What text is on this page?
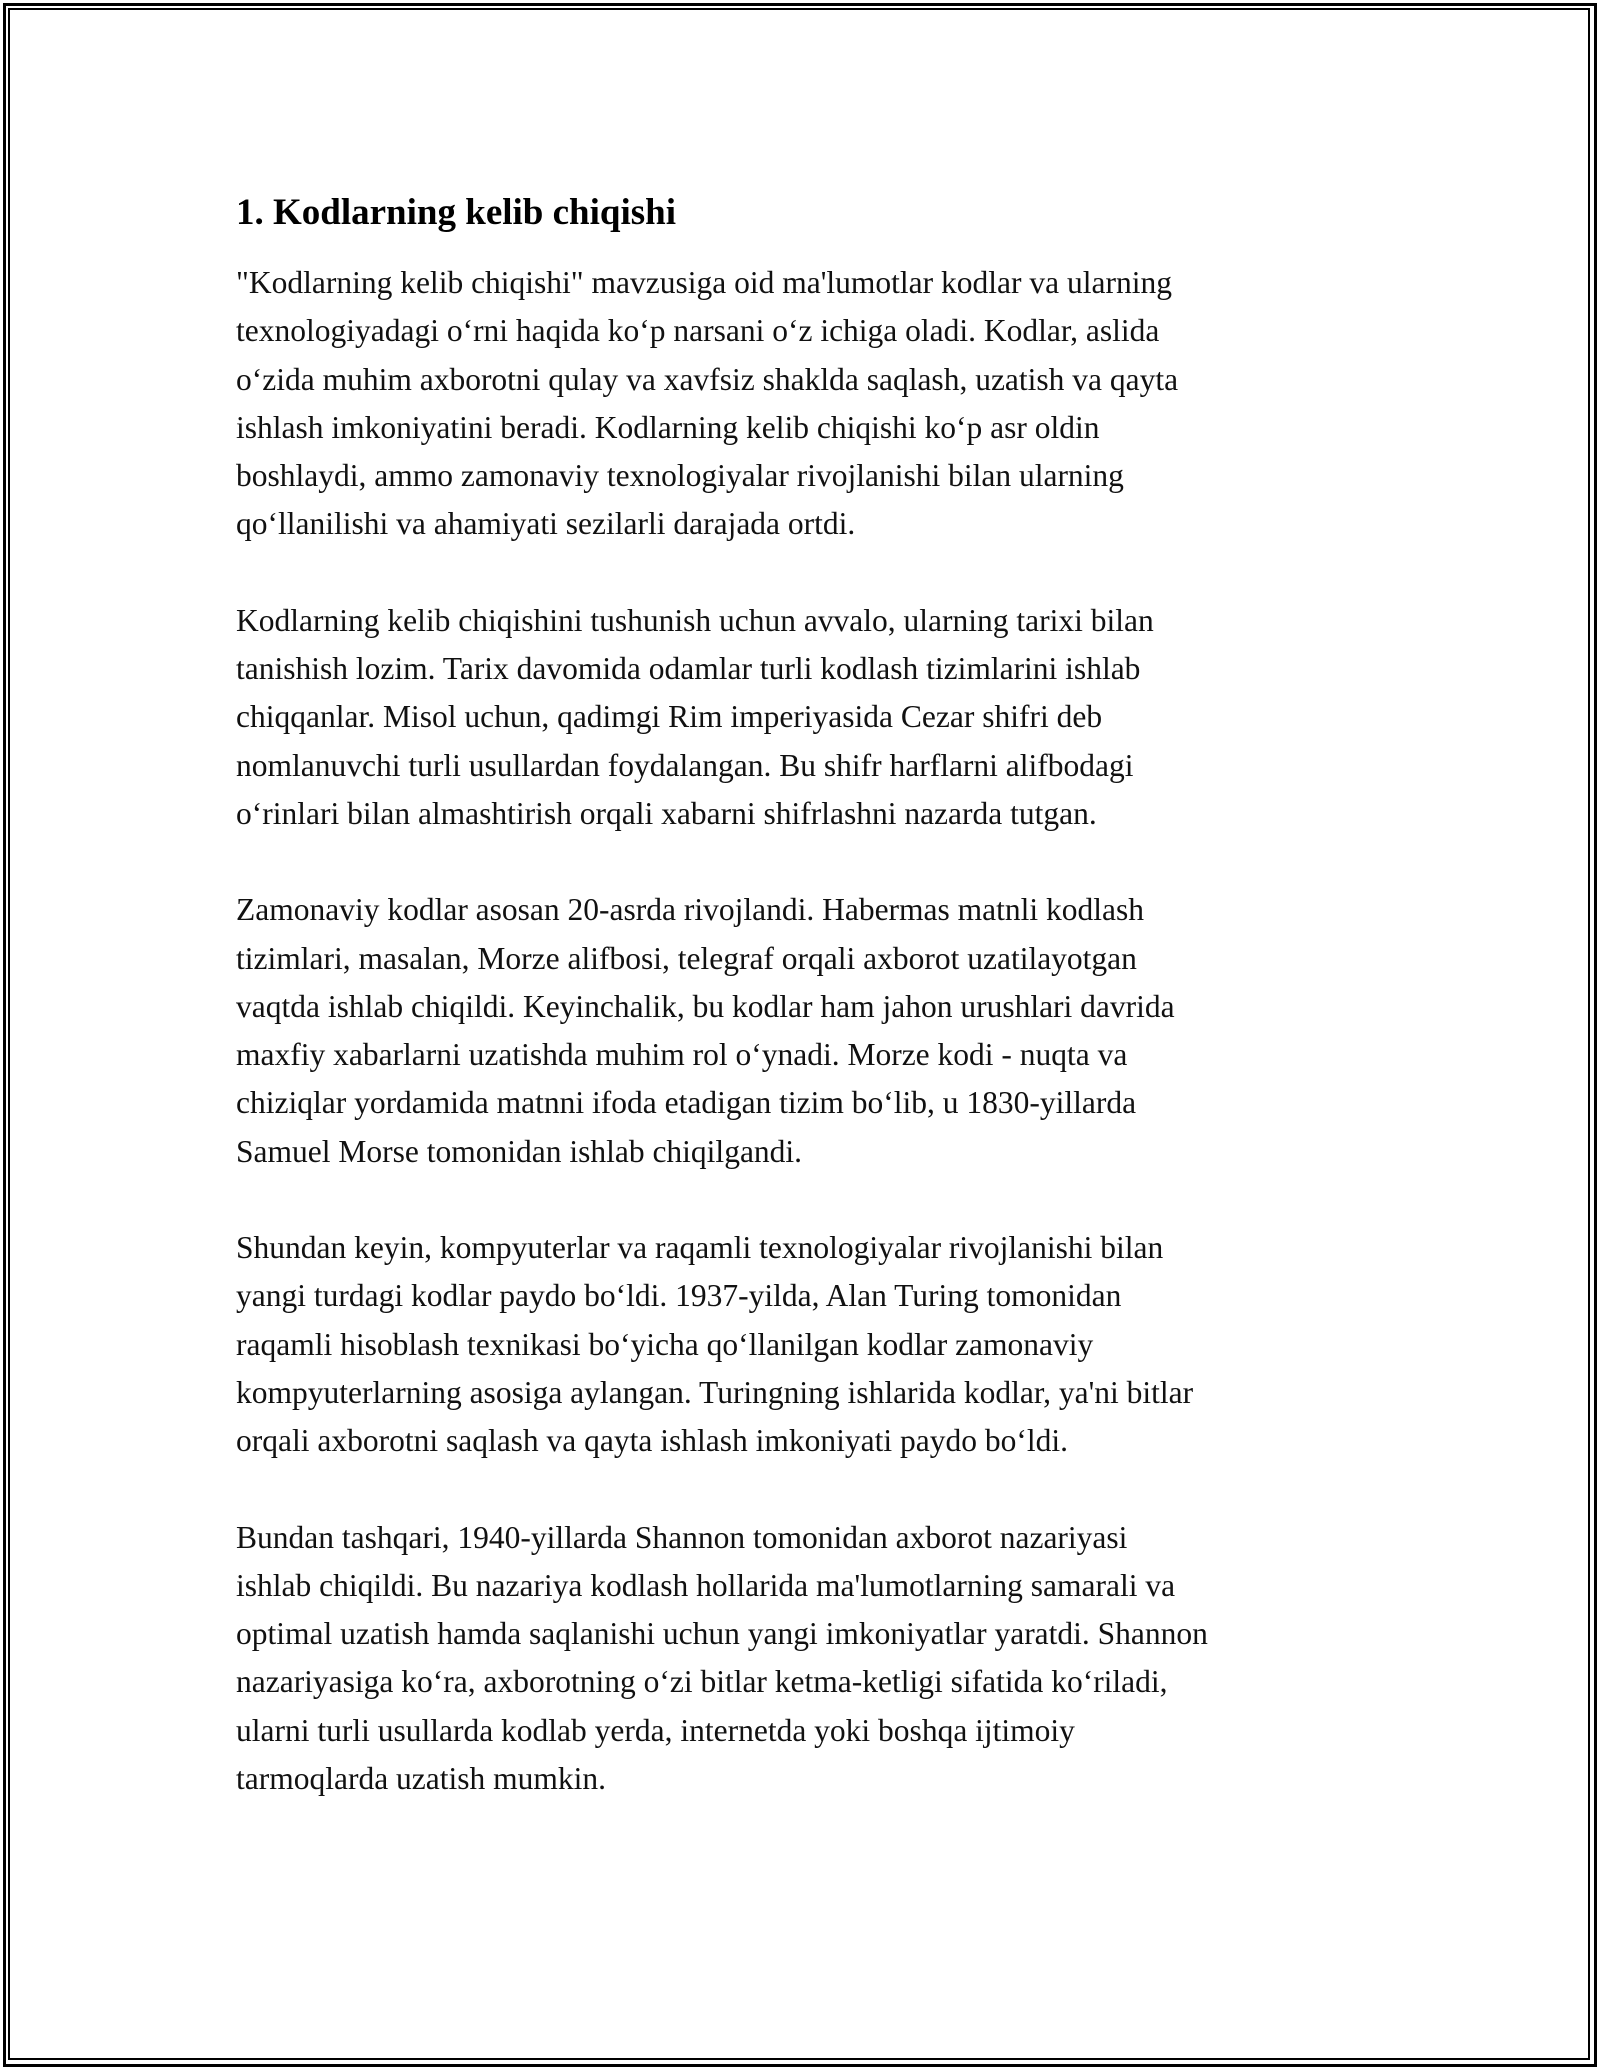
1. Kodlarning kelib chiqishi

"Kodlarning kelib chiqishi" mavzusiga oid ma'lumotlar kodlar va ularning
texnologiyadagi o‘rni haqida ko‘p narsani o‘z ichiga oladi. Kodlar, aslida
o‘zida muhim axborotni qulay va xavfsiz shaklda saqlash, uzatish va qayta
ishlash imkoniyatini beradi. Kodlarning kelib chiqishi ko‘p asr oldin
boshlaydi, ammo zamonaviy texnologiyalar rivojlanishi bilan ularning
qo‘llanilishi va ahamiyati sezilarli darajada ortdi.

Kodlarning kelib chiqishini tushunish uchun avvalo, ularning tarixi bilan
tanishish lozim. Tarix davomida odamlar turli kodlash tizimlarini ishlab
chiqqanlar. Misol uchun, qadimgi Rim imperiyasida Cezar shifri deb
nomlanuvchi turli usullardan foydalangan. Bu shifr harflarni alifbodagi
o‘rinlari bilan almashtirish orqali xabarni shifrlashni nazarda tutgan.

Zamonaviy kodlar asosan 20-asrda rivojlandi. Habermas matnli kodlash
tizimlari, masalan, Morze alifbosi, telegraf orqali axborot uzatilayotgan
vaqtda ishlab chiqildi. Keyinchalik, bu kodlar ham jahon urushlari davrida
maxfiy xabarlarni uzatishda muhim rol o‘ynadi. Morze kodi - nuqta va
chiziqlar yordamida matnni ifoda etadigan tizim bo‘lib, u 1830-yillarda
Samuel Morse tomonidan ishlab chiqilgandi.

Shundan keyin, kompyuterlar va raqamli texnologiyalar rivojlanishi bilan
yangi turdagi kodlar paydo bo‘ldi. 1937-yilda, Alan Turing tomonidan
raqamli hisoblash texnikasi bo‘yicha qo‘llanilgan kodlar zamonaviy
kompyuterlarning asosiga aylangan. Turingning ishlarida kodlar, ya'ni bitlar
orqali axborotni saqlash va qayta ishlash imkoniyati paydo bo‘ldi.

Bundan tashqari, 1940-yillarda Shannon tomonidan axborot nazariyasi
ishlab chiqildi. Bu nazariya kodlash hollarida ma'lumotlarning samarali va
optimal uzatish hamda saqlanishi uchun yangi imkoniyatlar yaratdi. Shannon
nazariyasiga ko‘ra, axborotning o‘zi bitlar ketma-ketligi sifatida ko‘riladi,
ularni turli usullarda kodlab yerda, internetda yoki boshqa ijtimoiy
tarmoqlarda uzatish mumkin.
